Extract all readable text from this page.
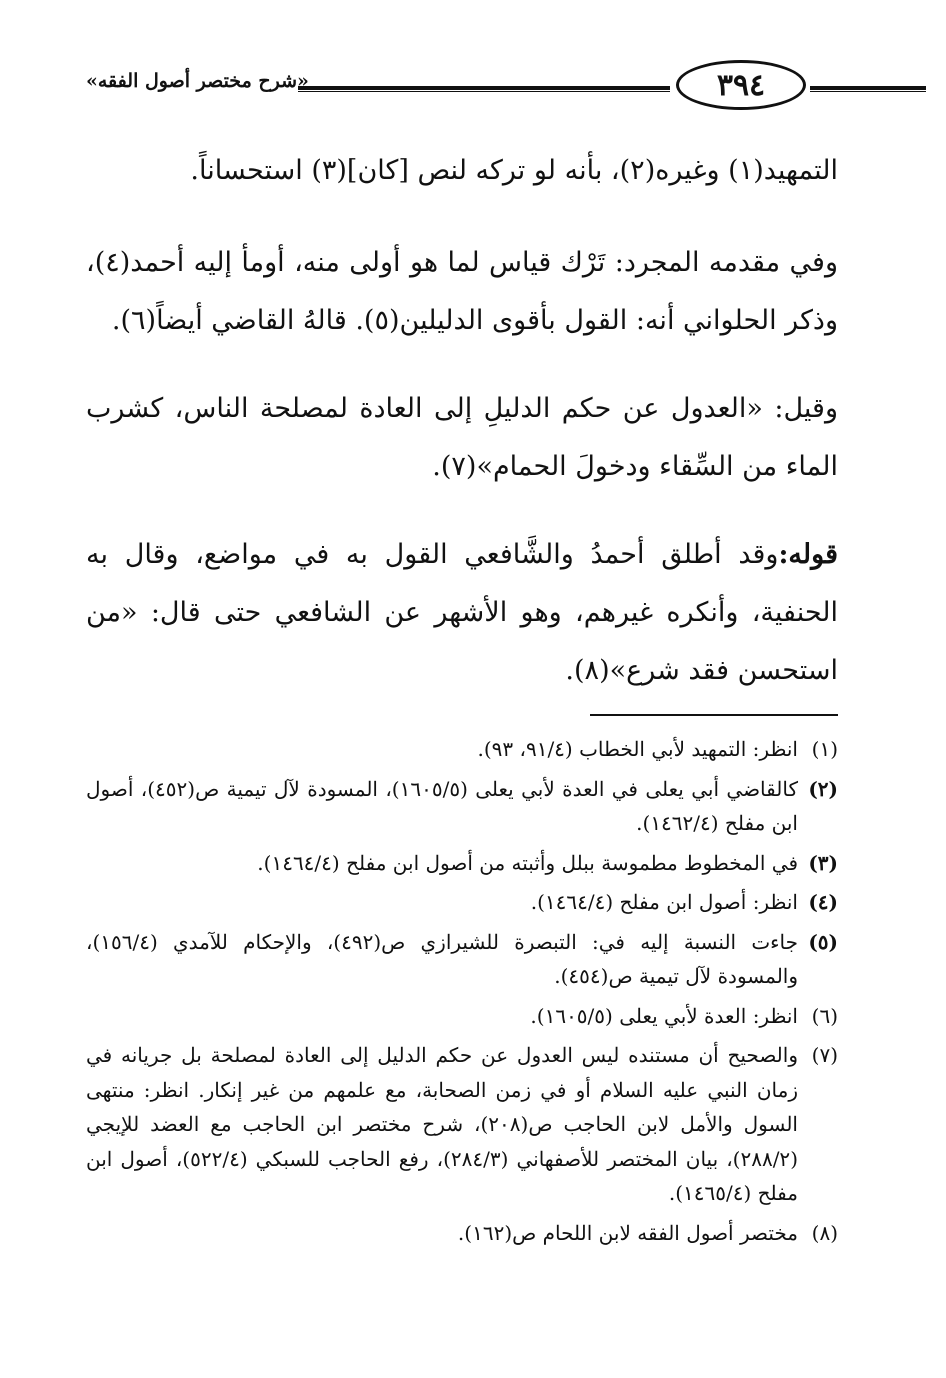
«شرح مختصر أصول الفقه»	٣٩٤

التمهيد(١) وغيره(٢)، بأنه لو تركه لنص [كان](٣) استحساناً.

وفي مقدمه المجرد: تَرْك قياس لما هو أولى منه، أومأ إليه أحمد(٤)، وذكر الحلواني أنه: القول بأقوى الدليلين(٥). قالهُ القاضي أيضاً(٦).

وقيل: «العدول عن حكم الدليلِ إلى العادة لمصلحة الناس، كشرب الماء من السِّقاء ودخولَ الحمام»(٧).

قوله:وقد أطلق أحمدُ والشَّافعي القول به في مواضع، وقال به الحنفية، وأنكره غيرهم، وهو الأشهر عن الشافعي حتى قال: «من استحسن فقد شرع»(٨).

(١)
انظر: التمهيد لأبي الخطاب (٩١/٤، ٩٣).

(٢)
كالقاضي أبي يعلى في العدة لأبي يعلى (١٦٠٥/٥)، المسودة لآل تيمية ص(٤٥٢)، أصول ابن مفلح (١٤٦٢/٤).

(٣)
في المخطوط مطموسة ببلل وأثبته من أصول ابن مفلح (١٤٦٤/٤).

(٤)
انظر: أصول ابن مفلح (١٤٦٤/٤).

(٥)
جاءت النسبة إليه في: التبصرة للشيرازي ص(٤٩٢)، والإحكام للآمدي (١٥٦/٤)، والمسودة لآل تيمية ص(٤٥٤).

(٦)
انظر: العدة لأبي يعلى (١٦٠٥/٥).

(٧)
والصحيح أن مستنده ليس العدول عن حكم الدليل إلى العادة لمصلحة بل جريانه في زمان النبي عليه السلام أو في زمن الصحابة، مع علمهم من غير إنكار. انظر: منتهى السول والأمل لابن الحاجب ص(٢٠٨)، شرح مختصر ابن الحاجب مع العضد للإيجي (٢٨٨/٢)، بيان المختصر للأصفهاني (٢٨٤/٣)، رفع الحاجب للسبكي (٥٢٢/٤)، أصول ابن مفلح (١٤٦٥/٤).

(٨)
مختصر أصول الفقه لابن اللحام ص(١٦٢).
